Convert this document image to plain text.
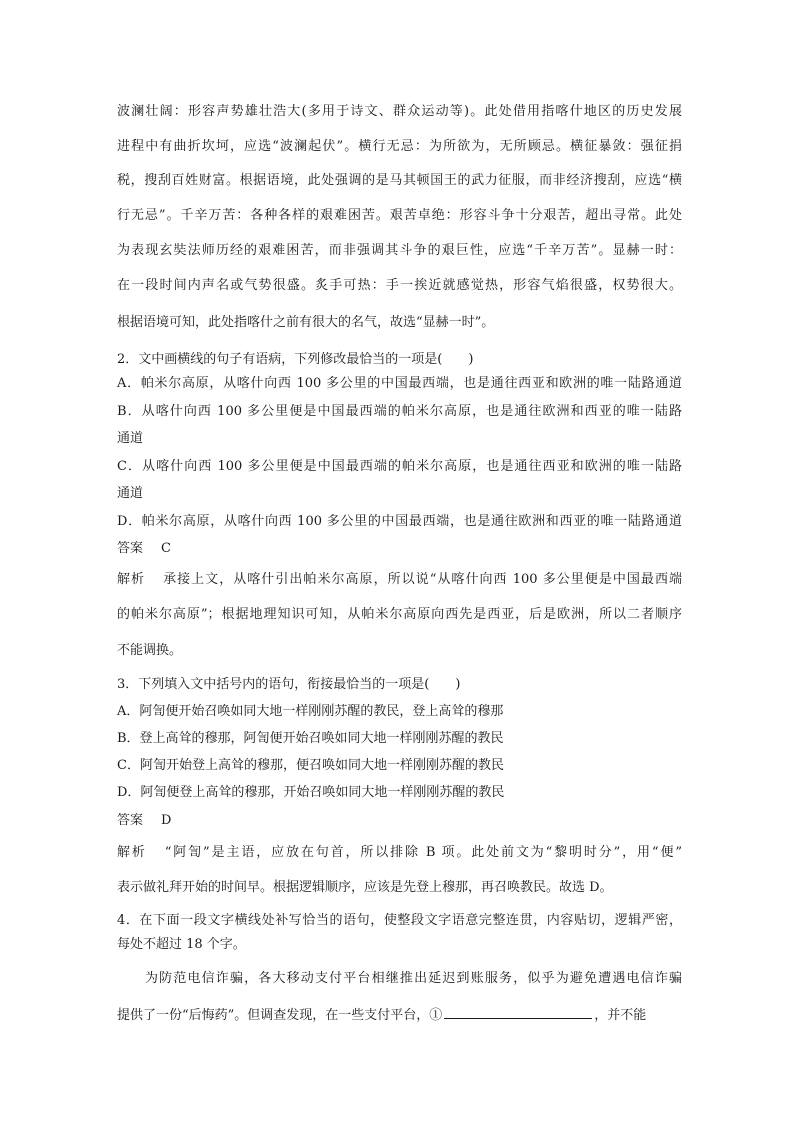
波澜壮阔：形容声势雄壮浩大(多用于诗文、群众运动等)。此处借用指喀什地区的历史发展
进程中有曲折坎坷，应选“波澜起伏”。横行无忌：为所欲为，无所顾忌。横征暴敛：强征捐
税，搜刮百姓财富。根据语境，此处强调的是马其顿国王的武力征服，而非经济搜刮，应选“横
行无忌”。千辛万苦：各种各样的艰难困苦。艰苦卓绝：形容斗争十分艰苦，超出寻常。此处
为表现玄奘法师历经的艰难困苦，而非强调其斗争的艰巨性，应选“千辛万苦”。显赫一时：
在一段时间内声名或气势很盛。炙手可热：手一挨近就感觉热，形容气焰很盛，权势很大。
根据语境可知，此处指喀什之前有很大的名气，故选“显赫一时”。
2．文中画横线的句子有语病，下列修改最恰当的一项是(　　)
A．帕米尔高原，从喀什向西 100 多公里的中国最西端，也是通往西亚和欧洲的唯一陆路通道
B．从喀什向西 100 多公里便是中国最西端的帕米尔高原，也是通往欧洲和西亚的唯一陆路
通道
C．从喀什向西 100 多公里便是中国最西端的帕米尔高原，也是通往西亚和欧洲的唯一陆路
通道
D．帕米尔高原，从喀什向西 100 多公里的中国最西端，也是通往欧洲和西亚的唯一陆路通道
答案 C
解析 承接上文，从喀什引出帕米尔高原，所以说“从喀什向西 100 多公里便是中国最西端
的帕米尔高原”；根据地理知识可知，从帕米尔高原向西先是西亚，后是欧洲，所以二者顺序
不能调换。
3．下列填入文中括号内的语句，衔接最恰当的一项是(　　)
A．阿訇便开始召唤如同大地一样刚刚苏醒的教民，登上高耸的穆那
B．登上高耸的穆那，阿訇便开始召唤如同大地一样刚刚苏醒的教民
C．阿訇开始登上高耸的穆那，便召唤如同大地一样刚刚苏醒的教民
D．阿訇便登上高耸的穆那，开始召唤如同大地一样刚刚苏醒的教民
答案 D
解析 “阿訇”是主语，应放在句首，所以排除 B 项。此处前文为“黎明时分”，用“便”
表示做礼拜开始的时间早。根据逻辑顺序，应该是先登上穆那，再召唤教民。故选 D。
4．在下面一段文字横线处补写恰当的语句，使整段文字语意完整连贯，内容贴切，逻辑严密，
每处不超过 18 个字。
为防范电信诈骗，各大移动支付平台相继推出延迟到账服务，似乎为避免遭遇电信诈骗
提供了一份“后悔药”。但调查发现，在一些支付平台，①	，并不能
